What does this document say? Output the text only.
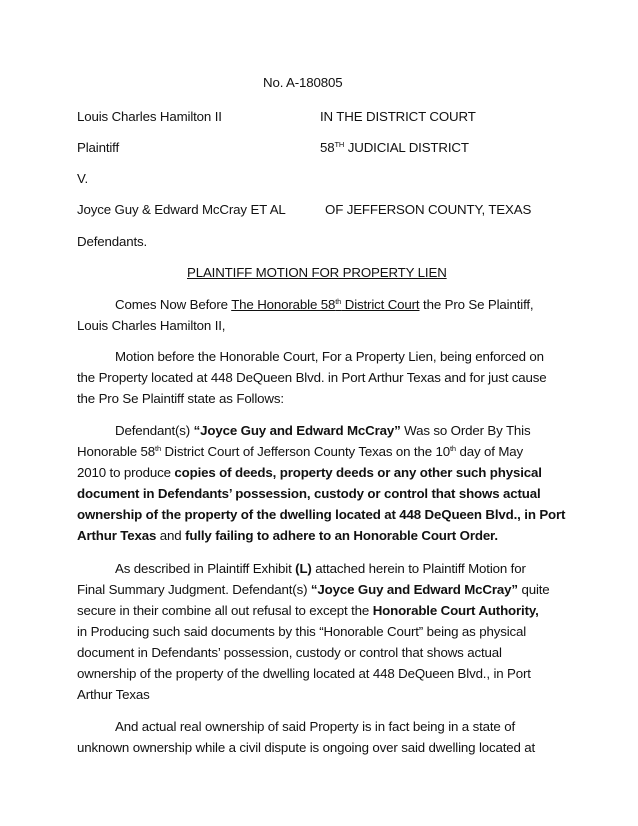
No. A-180805
Louis Charles Hamilton II	IN THE DISTRICT COURT
Plaintiff	58TH JUDICIAL DISTRICT
V.
Joyce Guy & Edward McCray ET AL	OF JEFFERSON COUNTY, TEXAS
Defendants.
PLAINTIFF MOTION FOR PROPERTY LIEN
Comes Now Before The Honorable 58th District Court the Pro Se Plaintiff,
Louis Charles Hamilton II,
Motion before the Honorable Court, For a Property Lien, being enforced on
the Property located at 448 DeQueen Blvd. in Port Arthur Texas and for just cause
the Pro Se Plaintiff state as Follows:
Defendant(s) “Joyce Guy and Edward McCray” Was so Order By This
Honorable 58th District Court of Jefferson County Texas on the 10th day of May
2010 to produce copies of deeds, property deeds or any other such physical
document in Defendants’ possession, custody or control that shows actual
ownership of the property of the dwelling located at 448 DeQueen Blvd., in Port
Arthur Texas and fully failing to adhere to an Honorable Court Order.
As described in Plaintiff Exhibit (L) attached herein to Plaintiff Motion for
Final Summary Judgment. Defendant(s) “Joyce Guy and Edward McCray” quite
secure in their combine all out refusal to except the Honorable Court Authority,
in Producing such said documents by this “Honorable Court” being as physical
document in Defendants’ possession, custody or control that shows actual
ownership of the property of the dwelling located at 448 DeQueen Blvd., in Port
Arthur Texas
And actual real ownership of said Property is in fact being in a state of
unknown ownership while a civil dispute is ongoing over said dwelling located at
